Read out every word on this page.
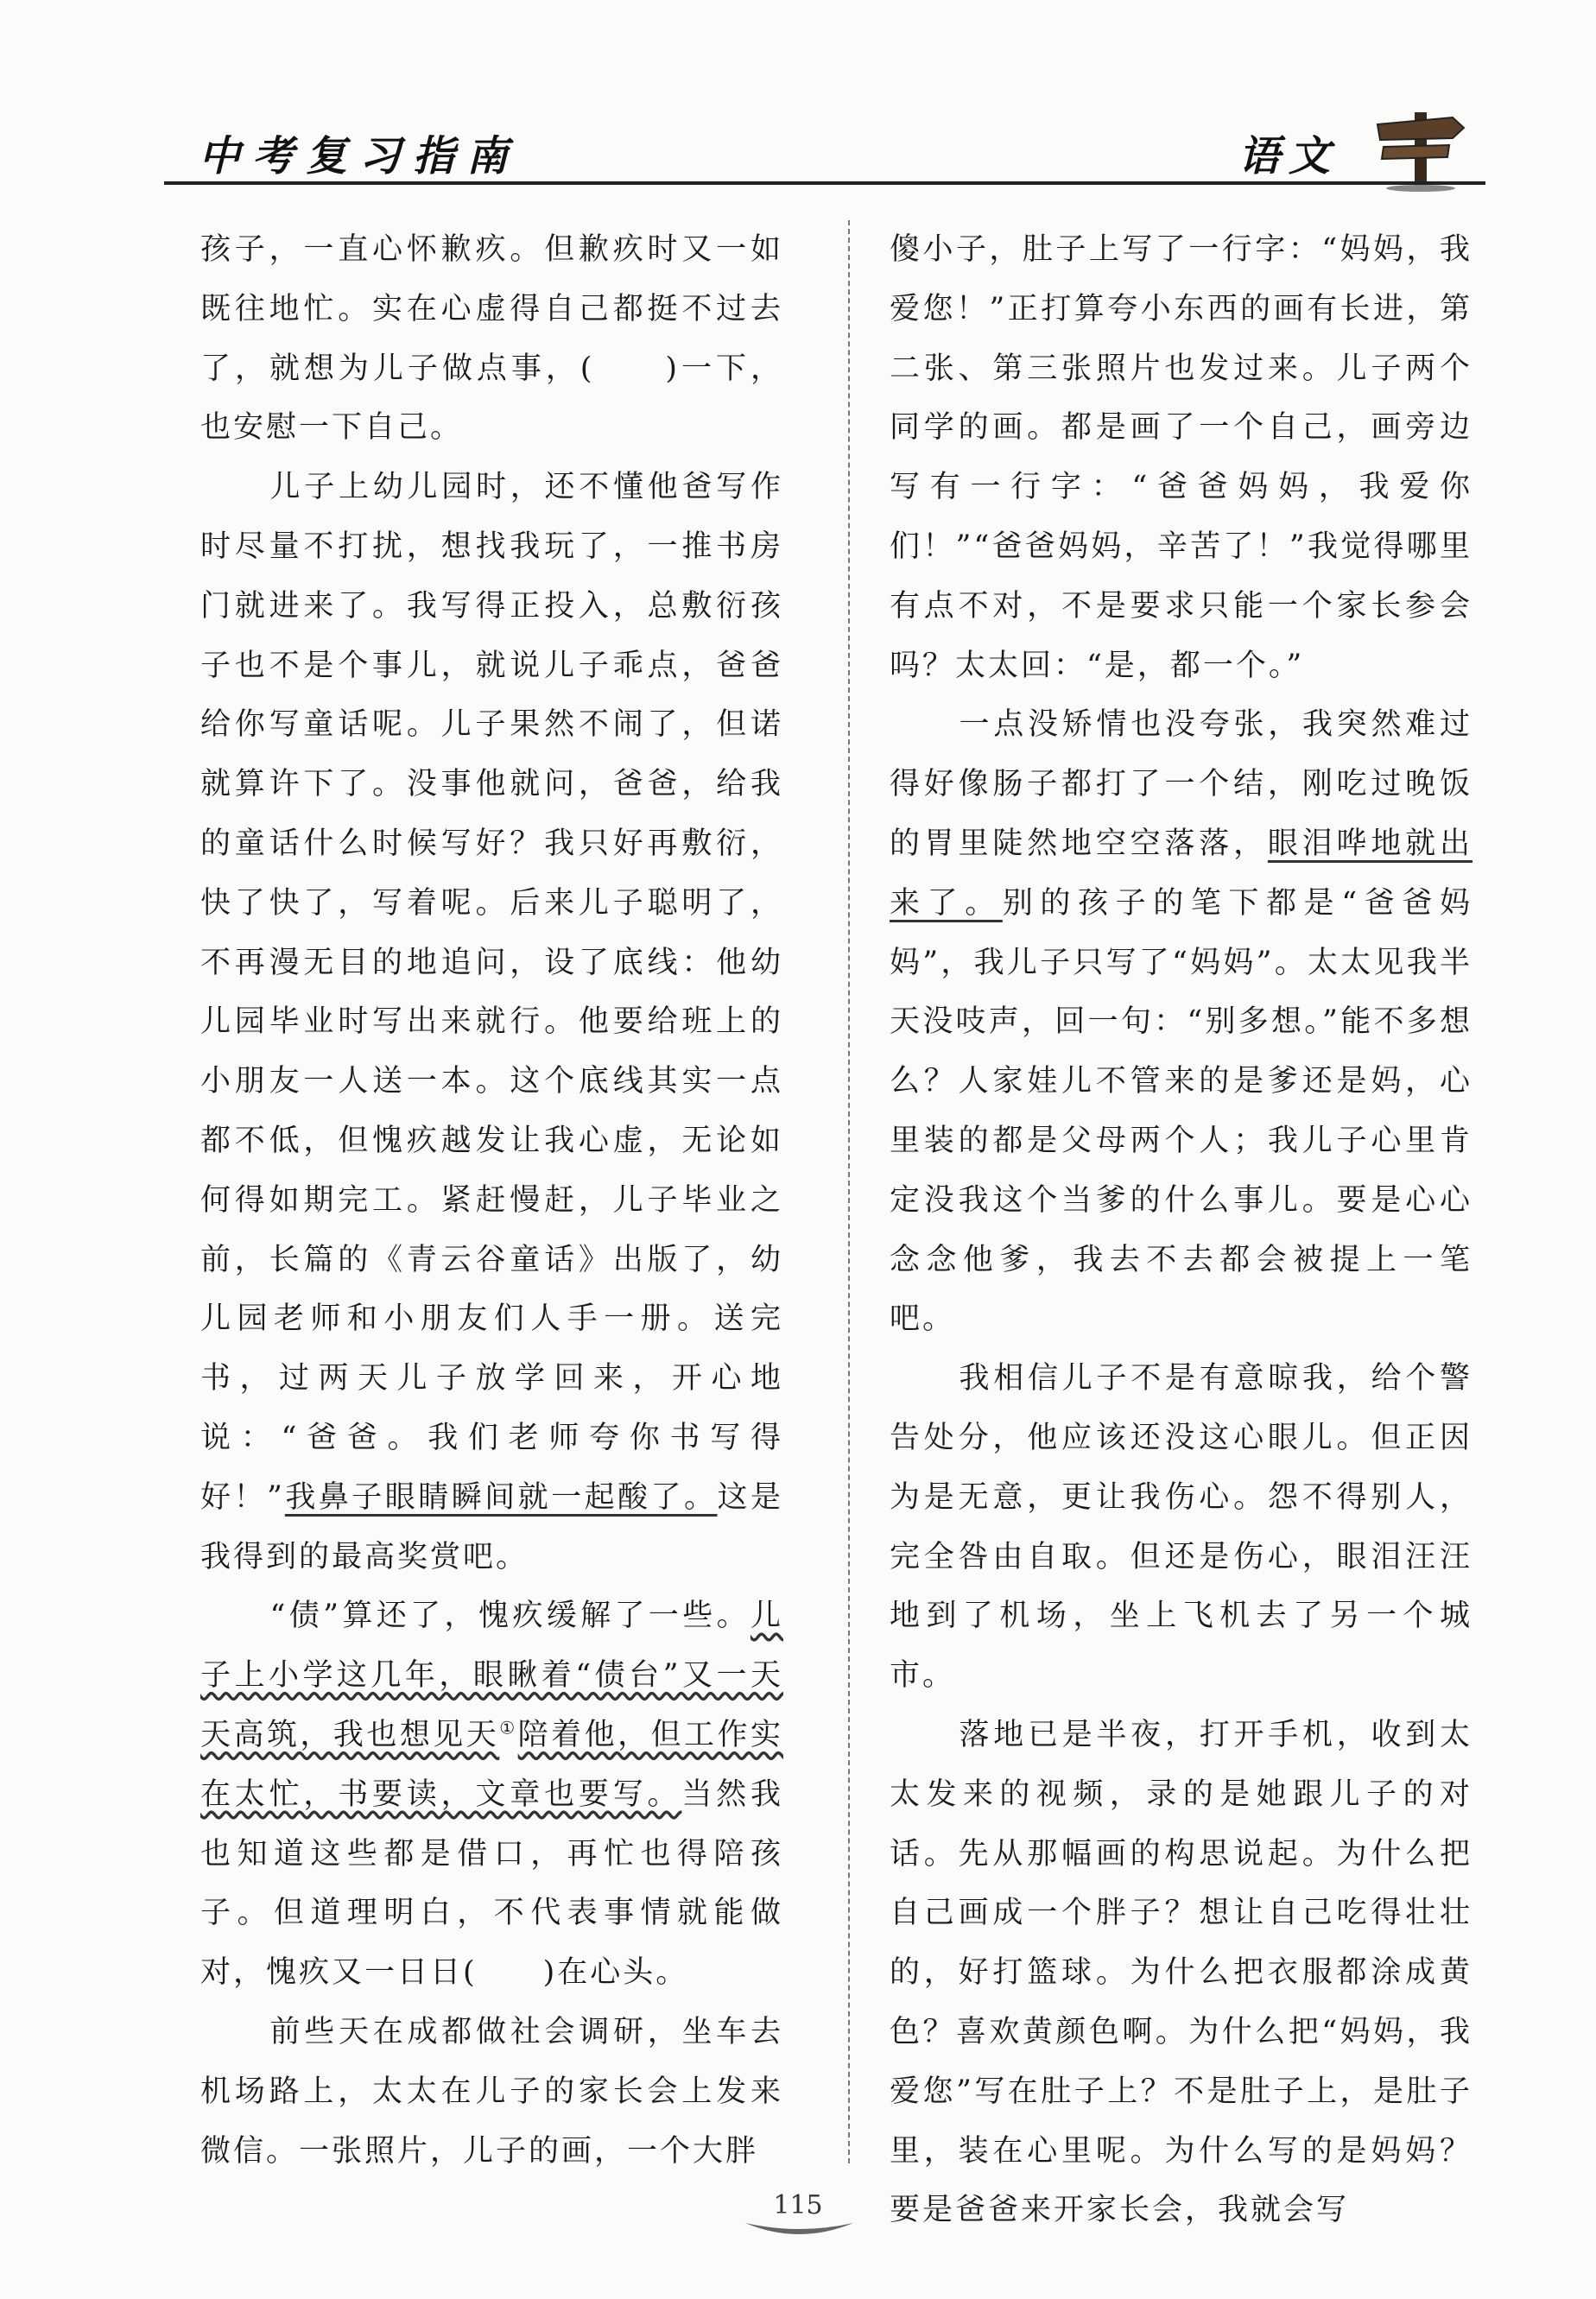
中考复习指南	语文

孩子，一直心怀歉疚。但歉疚时又一如既往地忙。实在心虚得自己都挺不过去了，就想为儿子做点事，(　　)一下，也安慰一下自己。

儿子上幼儿园时，还不懂他爸写作时尽量不打扰，想找我玩了，一推书房门就进来了。我写得正投入，总敷衍孩子也不是个事儿，就说儿子乖点，爸爸给你写童话呢。儿子果然不闹了，但诺就算许下了。没事他就问，爸爸，给我的童话什么时候写好？我只好再敷衍，快了快了，写着呢。后来儿子聪明了，不再漫无目的地追问，设了底线：他幼儿园毕业时写出来就行。他要给班上的小朋友一人送一本。这个底线其实一点都不低，但愧疚越发让我心虚，无论如何得如期完工。紧赶慢赶，儿子毕业之前，长篇的《青云谷童话》出版了，幼儿园老师和小朋友们人手一册。送完书，过两天儿子放学回来，开心地说：“爸爸。我们老师夸你书写得好！”我鼻子眼睛瞬间就一起酸了。这是我得到的最高奖赏吧。

“债”算还了，愧疚缓解了一些。儿子上小学这几年，眼瞅着“债台”又一天天高筑，我也想见天①陪着他，但工作实在太忙，书要读，文章也要写。当然我也知道这些都是借口，再忙也得陪孩子。但道理明白，不代表事情就能做对，愧疚又一日日(　　)在心头。

前些天在成都做社会调研，坐车去机场路上，太太在儿子的家长会上发来微信。一张照片，儿子的画，一个大胖

傻小子，肚子上写了一行字：“妈妈，我爱您！”正打算夸小东西的画有长进，第二张、第三张照片也发过来。儿子两个同学的画。都是画了一个自己，画旁边写有一行字：“爸爸妈妈，我爱你们！”“爸爸妈妈，辛苦了！”我觉得哪里有点不对，不是要求只能一个家长参会吗？太太回：“是，都一个。”

一点没矫情也没夸张，我突然难过得好像肠子都打了一个结，刚吃过晚饭的胃里陡然地空空落落，眼泪哗地就出来了。别的孩子的笔下都是“爸爸妈妈”，我儿子只写了“妈妈”。太太见我半天没吱声，回一句：“别多想。”能不多想么？人家娃儿不管来的是爹还是妈，心里装的都是父母两个人；我儿子心里肯定没我这个当爹的什么事儿。要是心心念念他爹，我去不去都会被提上一笔吧。

我相信儿子不是有意晾我，给个警告处分，他应该还没这心眼儿。但正因为是无意，更让我伤心。怨不得别人，完全咎由自取。但还是伤心，眼泪汪汪地到了机场，坐上飞机去了另一个城市。

落地已是半夜，打开手机，收到太太发来的视频，录的是她跟儿子的对话。先从那幅画的构思说起。为什么把自己画成一个胖子？想让自己吃得壮壮的，好打篮球。为什么把衣服都涂成黄色？喜欢黄颜色啊。为什么把“妈妈，我爱您”写在肚子上？不是肚子上，是肚子里，装在心里呢。为什么写的是妈妈？要是爸爸来开家长会，我就会写

115
